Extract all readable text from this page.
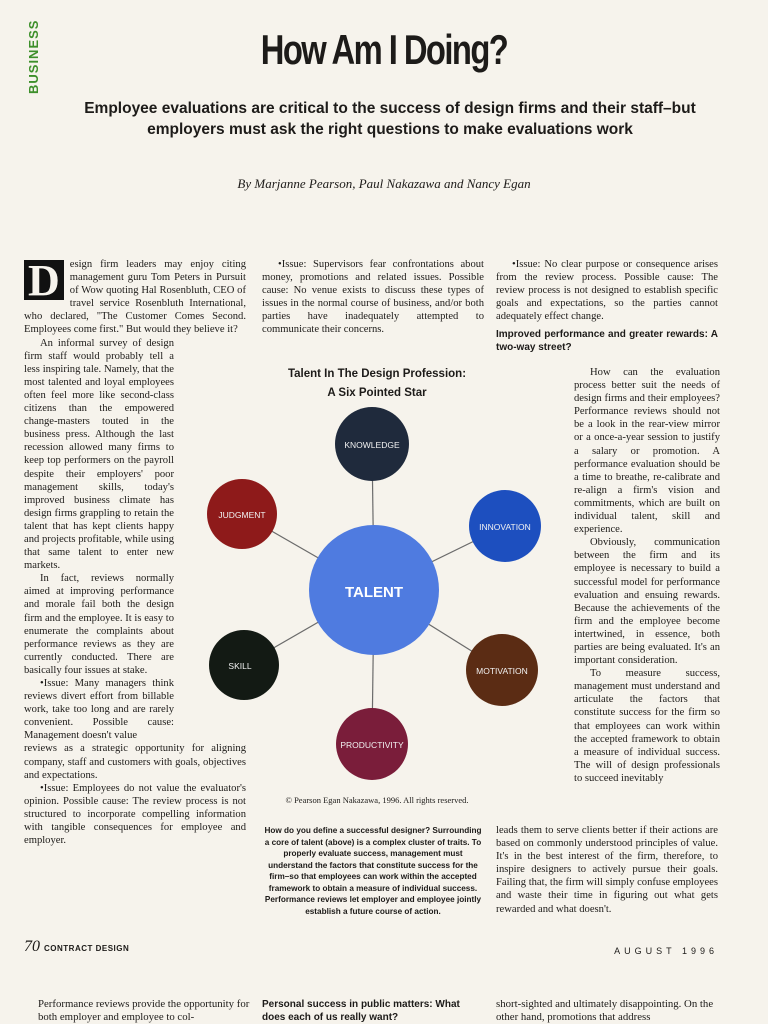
BUSINESS	How Am I Doing?
Employee evaluations are critical to the success of design firms and their staff–but employers must ask the right questions to make evaluations work
By Marjanne Pearson, Paul Nakazawa and Nancy Egan

D esign firm leaders may enjoy citing management guru Tom Peters in Pursuit of Wow quoting Hal Rosenbluth, CEO of travel service Rosenbluth International, who declared, "The Customer Comes Second. Employees come first." But would they believe it?

An informal survey of design firm staff would probably tell a less inspiring tale. Namely, that the most talented and loyal employees often feel more like second-class citizens than the empowered change-masters touted in the business press. Although the last recession allowed many firms to keep top performers on the payroll despite their employers' poor management skills, today's improved business climate has design firms grappling to retain the talent that has kept clients happy and projects profitable, while using that same talent to enter new markets.

In fact, reviews normally aimed at improving performance and morale fail both the design firm and the employee. It is easy to enumerate the complaints about performance reviews as they are currently conducted. There are basically four issues at stake.

•Issue: Many managers think reviews divert effort from billable work, take too long and are rarely convenient. Possible cause: Management doesn't value

reviews as a strategic opportunity for aligning company, staff and customers with goals, objectives and expectations.

•Issue: Employees do not value the evaluator's opinion. Possible cause: The review process is not structured to incorporate compelling information with tangible consequences for employee and employer.

•Issue: Supervisors fear confrontations about money, promotions and related issues. Possible cause: No venue exists to discuss these types of issues in the normal course of business, and/or both parties have inadequately attempted to communicate their concerns.

Talent In The Design Profession:
A Six Pointed Star
KNOWLEDGE
INNOVATION
MOTIVATION
PRODUCTIVITY
SKILL
JUDGMENT
TALENT
© Pearson Egan Nakazawa, 1996. All rights reserved.
How do you define a successful designer? Surrounding a core of talent (above) is a complex cluster of traits. To properly evaluate success, management must understand the factors that constitute success for the firm–so that employees can work within the accepted framework to obtain a measure of individual success. Performance reviews let employer and employee jointly establish a future course of action.

•Issue: No clear purpose or consequence arises from the review process. Possible cause: The review process is not designed to establish specific goals and expectations, so the parties cannot adequately effect change.

Improved performance and greater rewards: A two-way street?

How can the evaluation process better suit the needs of design firms and their employees? Performance reviews should not be a look in the rear-view mirror or a once-a-year session to justify a salary or promotion. A performance evaluation should be a time to breathe, re-calibrate and re-align a firm's vision and commitments, which are built on individual talent, skill and experience.

Obviously, communication between the firm and its employee is necessary to build a successful model for performance evaluation and ensuing rewards. Because the achievements of the firm and the employee become intertwined, in essence, both parties are being evaluated. It's an important consideration.

To measure success, management must understand and articulate the factors that constitute success for the firm so that employees can work within the accepted framework to obtain a measure of individual success. The will of design professionals to succeed inevitably

leads them to serve clients better if their actions are based on commonly understood principles of value. It's in the best interest of the firm, therefore, to inspire designers to actively pursue their goals. Failing that, the firm will simply confuse employees and waste their time in figuring out what gets rewarded and what doesn't.

70 CONTRACT DESIGN	AUGUST 1996
Performance reviews provide the opportunity for both employer and employee to col-
Personal success in public matters: What does each of us really want?
short-sighted and ultimately disappointing. On the other hand, promotions that address
